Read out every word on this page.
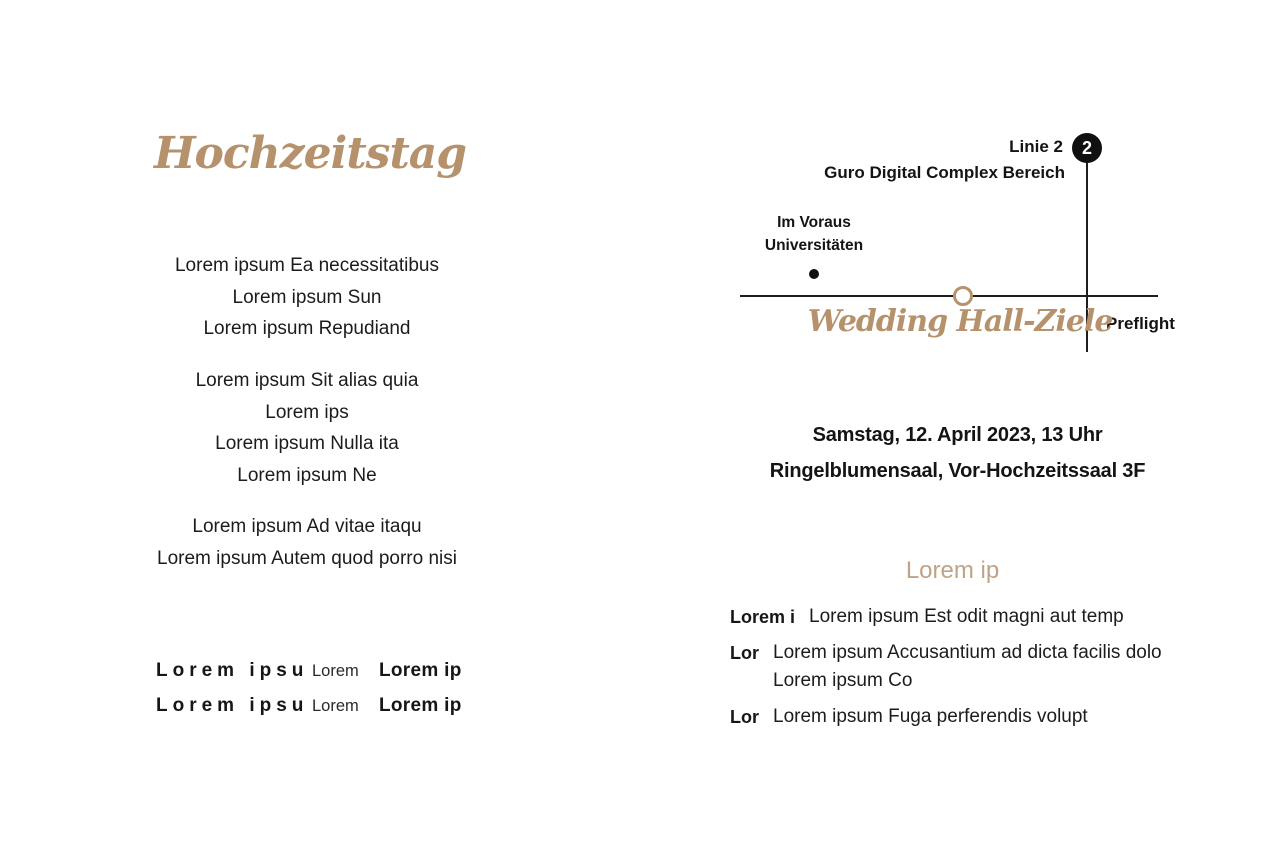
Hochzeitstag
Lorem ipsum Ea necessitatibus
Lorem ipsum Sun
Lorem ipsum Repudiand
Lorem ipsum Sit alias quia
Lorem ips
Lorem ipsum Nulla ita
Lorem ipsum Ne
Lorem ipsum Ad vitae itaqu
Lorem ipsum Autem quod porro nisi
Lorem ipsu Lorem	Lorem ip
Lorem ipsu Lorem	Lorem ip
Linie 2 2
Guro Digital Complex Bereich
Im Voraus
Universitäten
Wedding Hall-Ziele
Preflight
Samstag, 12. April 2023, 13 Uhr
Ringelblumensaal, Vor-Hochzeitssaal 3F
Lorem ip
Lorem i Lorem ipsum Est odit magni aut temp
Lor Lorem ipsum Accusantium ad dicta facilis dolo
Lorem ipsum Co
Lor Lorem ipsum Fuga perferendis volupt
